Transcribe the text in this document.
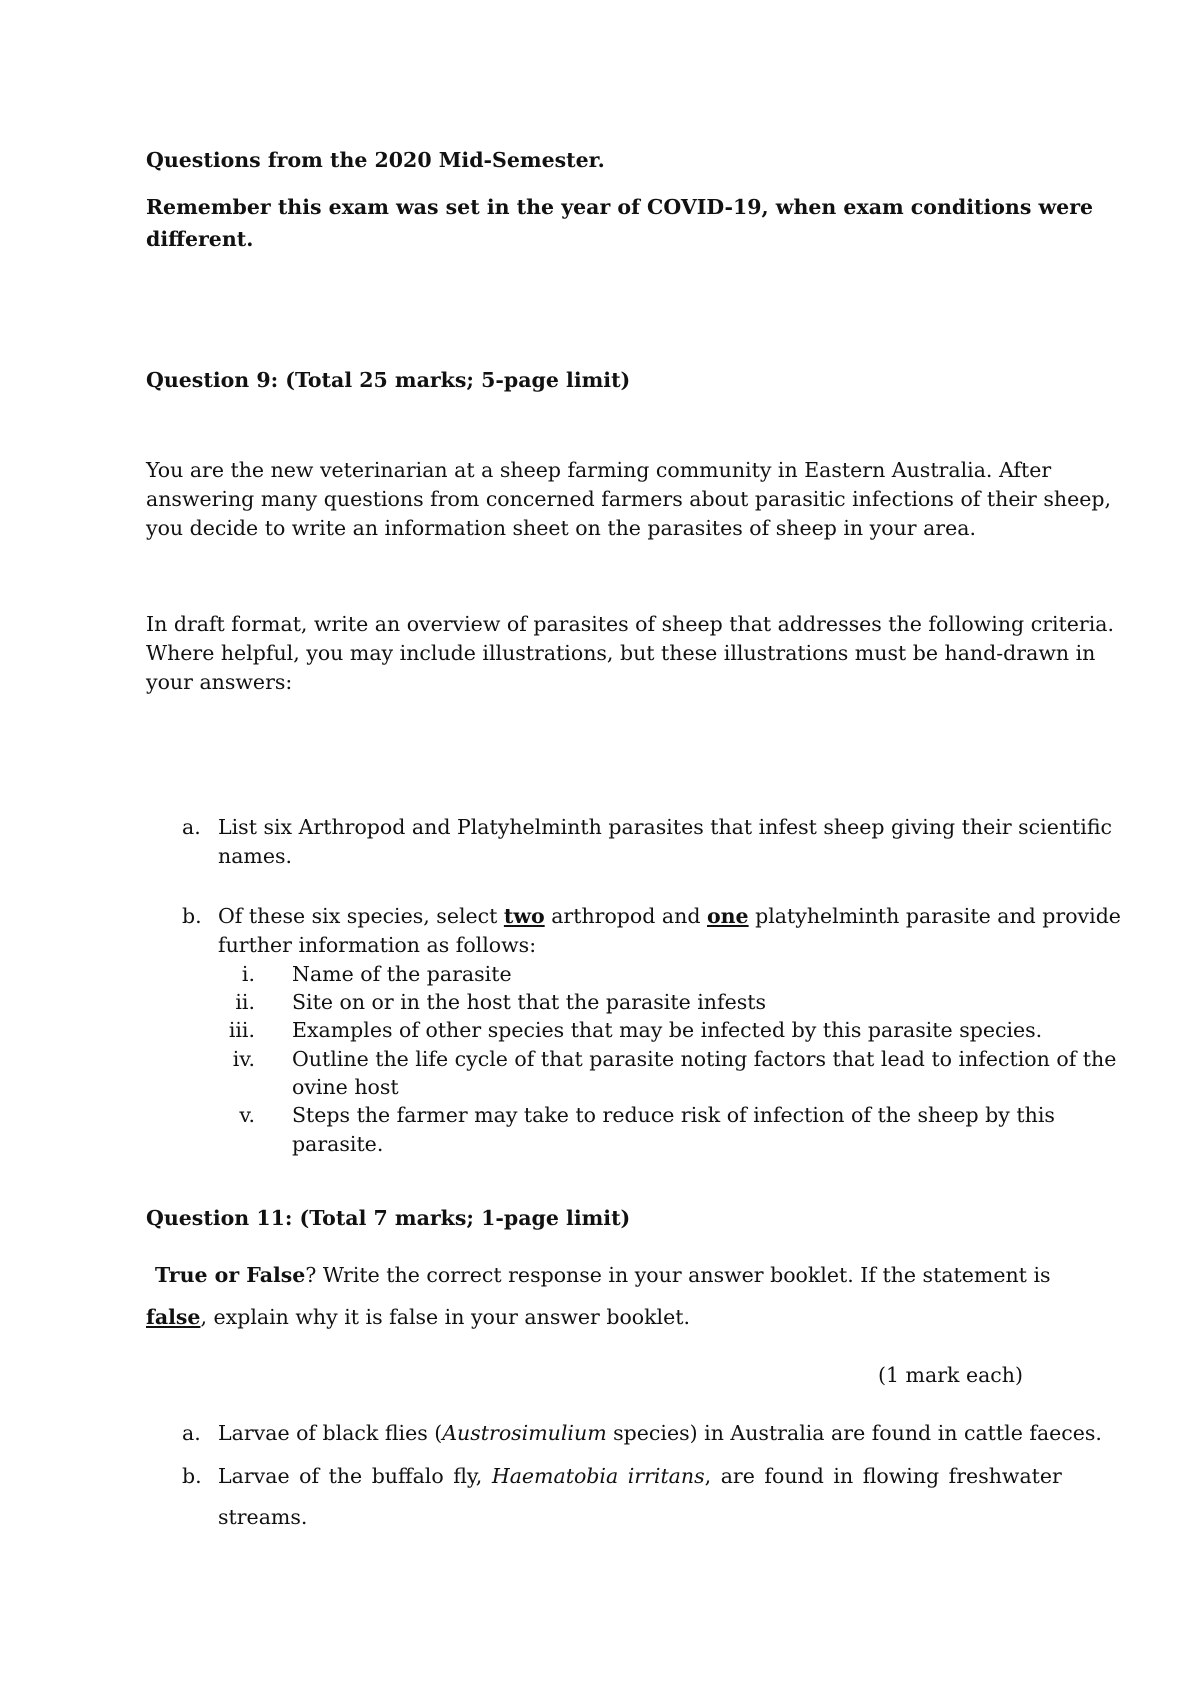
Questions from the 2020 Mid-Semester.
Remember this exam was set in the year of COVID-19, when exam conditions were
different.
Question 9: (Total 25 marks; 5-page limit)
You are the new veterinarian at a sheep farming community in Eastern Australia. After
answering many questions from concerned farmers about parasitic infections of their sheep,
you decide to write an information sheet on the parasites of sheep in your area.
In draft format, write an overview of parasites of sheep that addresses the following criteria.
Where helpful, you may include illustrations, but these illustrations must be hand-drawn in
your answers:
a. List six Arthropod and Platyhelminth parasites that infest sheep giving their scientific
names.
b. Of these six species, select two arthropod and one platyhelminth parasite and provide
further information as follows:
i. Name of the parasite
ii. Site on or in the host that the parasite infests
iii. Examples of other species that may be infected by this parasite species.
iv. Outline the life cycle of that parasite noting factors that lead to infection of the
ovine host
v. Steps the farmer may take to reduce risk of infection of the sheep by this
parasite.
Question 11: (Total 7 marks; 1-page limit)
True or False? Write the correct response in your answer booklet. If the statement is
false, explain why it is false in your answer booklet.
(1 mark each)
a. Larvae of black flies (Austrosimulium species) in Australia are found in cattle faeces.
b. Larvae of the buffalo fly, Haematobia irritans, are found in flowing freshwater
streams.
